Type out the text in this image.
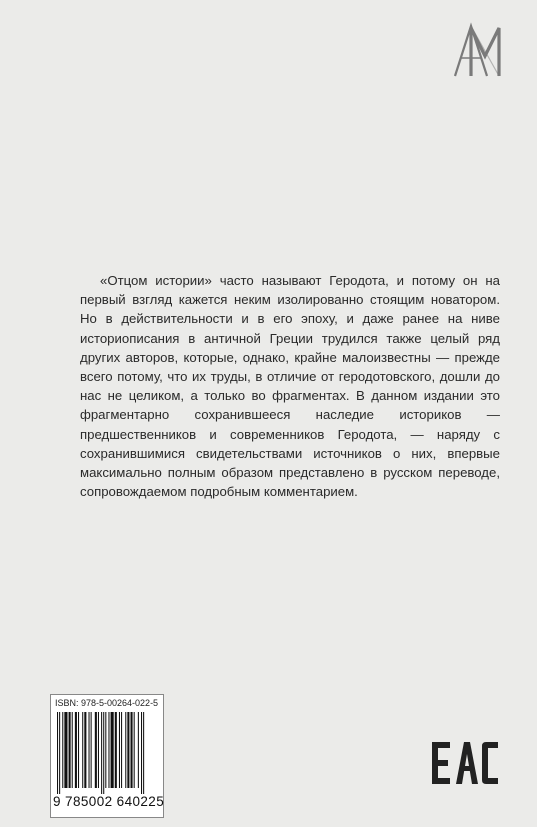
«Отцом истории» часто называют Геродота, и потому он на первый взгляд кажется неким изолированно стоящим новатором. Но в действительности и в его эпоху, и даже ранее на ниве историописания в античной Греции трудился также целый ряд других авторов, которые, однако, крайне малоизвестны — прежде всего потому, что их труды, в отличие от геродотовского, дошли до нас не целиком, а только во фрагментах. В данном издании это фрагментарно сохранившееся наследие историков — предшественников и современников Геродота, — наряду с сохранившимися свидетельствами источников о них, впервые максимально полным образом представлено в русском переводе, сопровождаемом подробным комментарием.

ISBN: 978-5-00264-022-5
9 785002 640225
